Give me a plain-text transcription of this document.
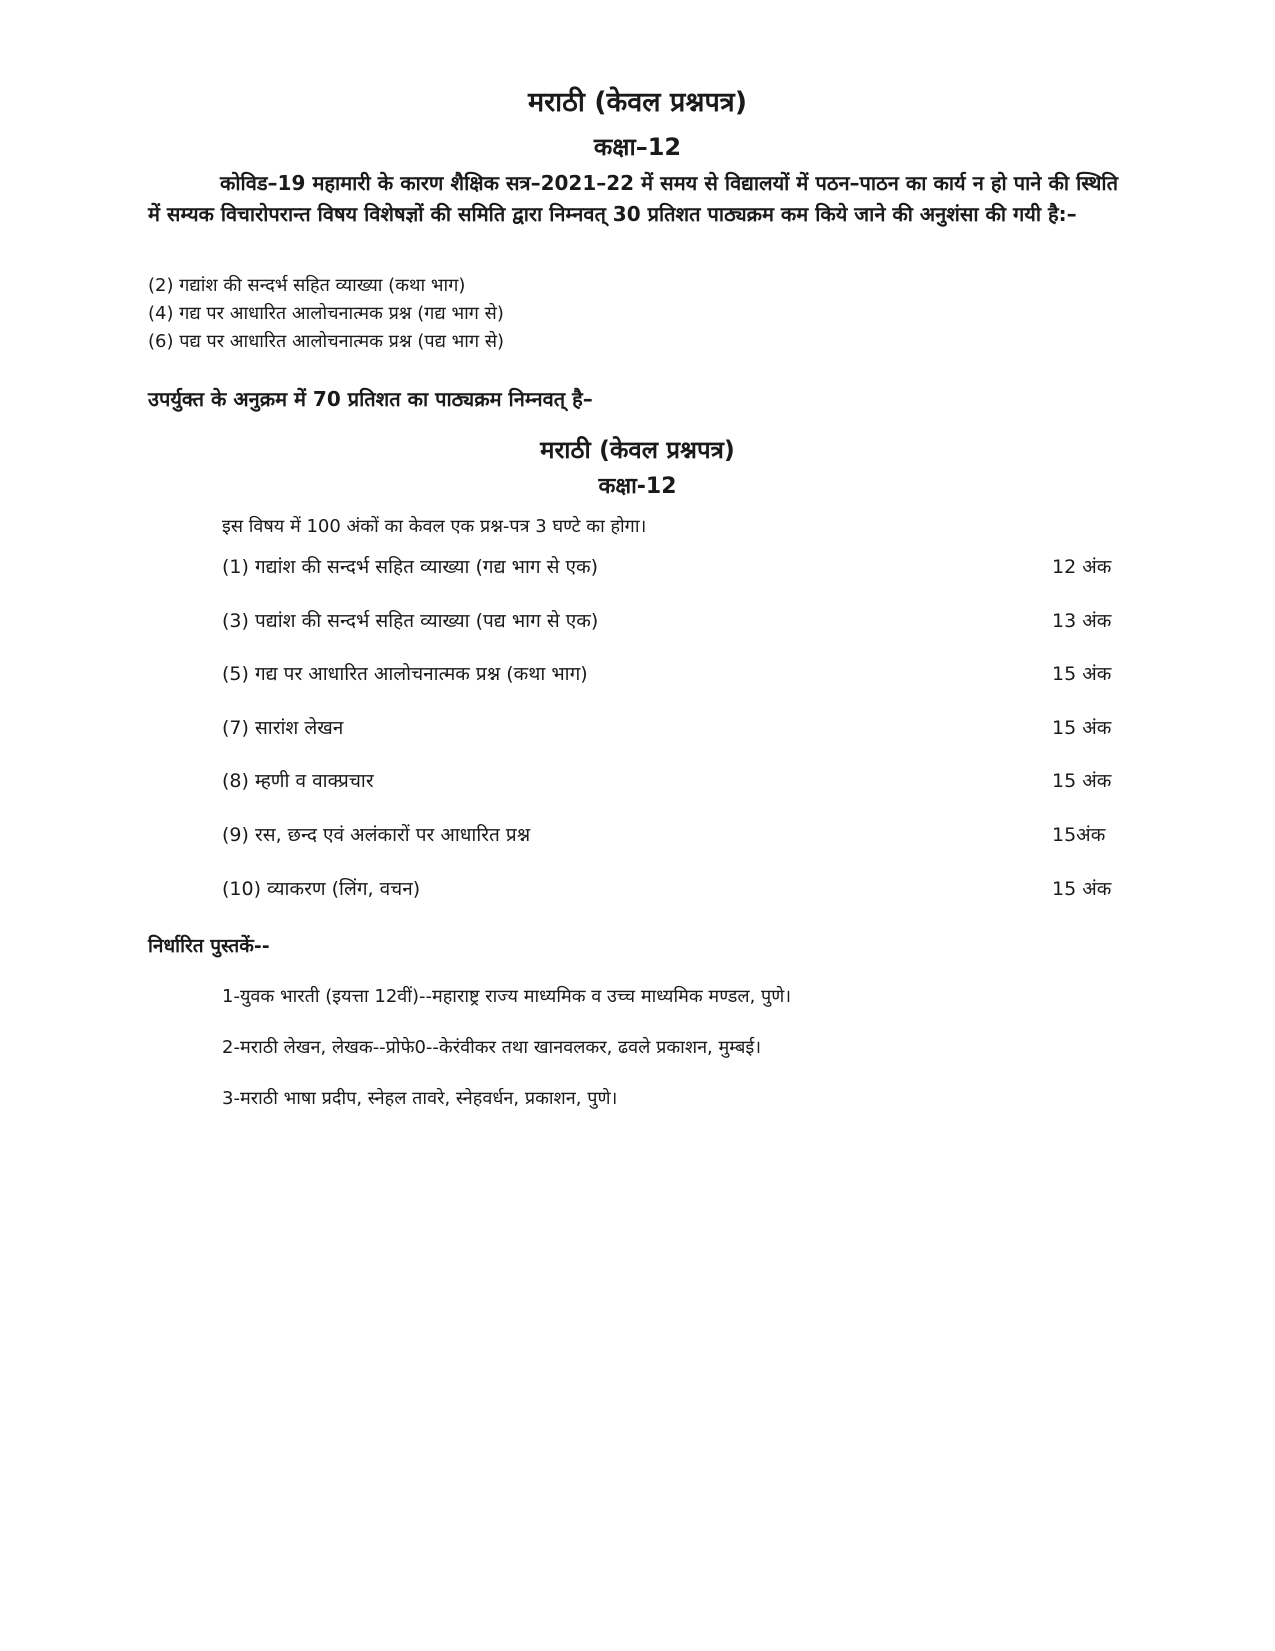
मराठी (केवल प्रश्नपत्र)
कक्षा–12

कोविड–19 महामारी के कारण शैक्षिक सत्र–2021–22 में समय से विद्यालयों में पठन–पाठन का कार्य न हो पाने की स्थिति में सम्यक विचारोपरान्त विषय विशेषज्ञों की समिति द्वारा निम्नवत् 30 प्रतिशत पाठ्यक्रम कम किये जाने की अनुशंसा की गयी है:–

(2) गद्यांश की सन्दर्भ सहित व्याख्या (कथा भाग)
(4) गद्य पर आधारित आलोचनात्मक प्रश्न (गद्य भाग से)
(6) पद्य पर आधारित आलोचनात्मक प्रश्न (पद्य भाग से)

उपर्युक्त के अनुक्रम में 70 प्रतिशत का पाठ्यक्रम निम्नवत् है–

मराठी (केवल प्रश्नपत्र)
कक्षा-12

इस विषय में 100 अंकों का केवल एक प्रश्न-पत्र 3 घण्टे का होगा।

(1) गद्यांश की सन्दर्भ सहित व्याख्या (गद्य भाग से एक)	12 अंक
(3) पद्यांश की सन्दर्भ सहित व्याख्या (पद्य भाग से एक)	13 अंक
(5) गद्य पर आधारित आलोचनात्मक प्रश्न (कथा भाग)	15 अंक
(7) सारांश लेखन	15 अंक
(8) म्हणी व वाक्प्रचार	15 अंक
(9) रस, छन्द एवं अलंकारों पर आधारित प्रश्न	15अंक
(10) व्याकरण (लिंग, वचन)	15 अंक

निर्धारित पुस्तकें--

1-युवक भारती (इयत्ता 12वीं)--महाराष्ट्र राज्य माध्यमिक व उच्च माध्यमिक मण्डल, पुणे।
2-मराठी लेखन, लेखक--प्रोफे0--केरंवीकर तथा खानवलकर, ढवले प्रकाशन, मुम्बई।
3-मराठी भाषा प्रदीप, स्नेहल तावरे, स्नेहवर्धन, प्रकाशन, पुणे।
